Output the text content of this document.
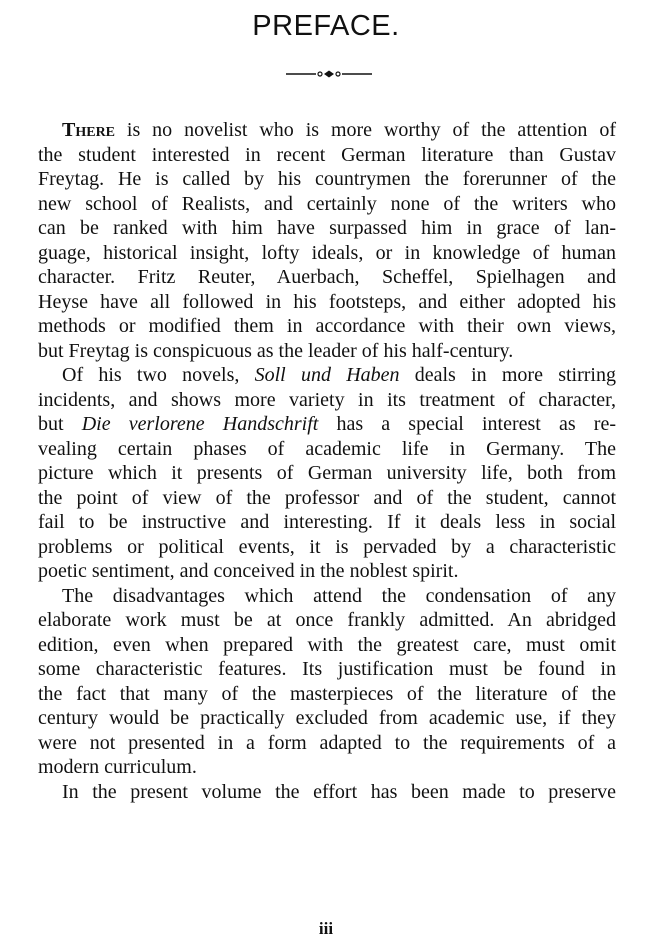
PREFACE.

There is no novelist who is more worthy of the attention of
the student interested in recent German literature than Gustav
Freytag. He is called by his countrymen the forerunner of the
new school of Realists, and certainly none of the writers who
can be ranked with him have surpassed him in grace of lan-
guage, historical insight, lofty ideals, or in knowledge of human
character. Fritz Reuter, Auerbach, Scheffel, Spielhagen and
Heyse have all followed in his footsteps, and either adopted his
methods or modified them in accordance with their own views,
but Freytag is conspicuous as the leader of his half-century.

Of his two novels, Soll und Haben deals in more stirring
incidents, and shows more variety in its treatment of character,
but Die verlorene Handschrift has a special interest as re-
vealing certain phases of academic life in Germany. The
picture which it presents of German university life, both from
the point of view of the professor and of the student, cannot
fail to be instructive and interesting. If it deals less in social
problems or political events, it is pervaded by a characteristic
poetic sentiment, and conceived in the noblest spirit.

The disadvantages which attend the condensation of any
elaborate work must be at once frankly admitted. An abridged
edition, even when prepared with the greatest care, must omit
some characteristic features. Its justification must be found in
the fact that many of the masterpieces of the literature of the
century would be practically excluded from academic use, if they
were not presented in a form adapted to the requirements of a
modern curriculum.

In the present volume the effort has been made to preserve

iii
